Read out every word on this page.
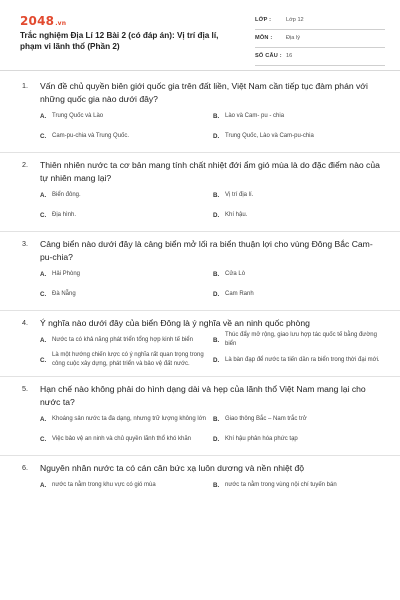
2048.vn
Trắc nghiệm Địa Lí 12 Bài 2 (có đáp án): Vị trí địa lí, phạm vi lãnh thổ (Phần 2)
LỚP :	Lớp 12
MÔN : Địa lý
SỐ CÂU : 16
1. Vấn đề chủ quyền biên giới quốc gia trên đất liền, Việt Nam cần tiếp tục đàm phán với những quốc gia nào dưới đây?
A. Trung Quốc và Lào	B. Lào và Cam- pu - chia
C. Cam-pu-chia và Trung Quốc.	D. Trung Quốc, Lào và Cam-pu-chia
2. Thiên nhiên nước ta cơ bản mang tính chất nhiệt đới ẩm gió mùa là do đặc điểm nào của tự nhiên mang lại?
A. Biển đông.	B. Vị trí địa lí.
C. Địa hình.	D. Khí hậu.
3. Cảng biển nào dưới đây là cảng biển mở lối ra biển thuận lợi cho vùng Đông Bắc Cam-pu-chia?
A. Hải Phòng	B. Cửa Lò
C. Đà Nẵng	D. Cam Ranh
4. Ý nghĩa nào dưới đây của biển Đông là ý nghĩa về an ninh quốc phòng
A. Nước ta có khả năng phát triển tổng hợp kinh tế biển	B.
Thúc đẩy mở rộng, giao lưu hợp tác quốc tế bằng đường biển
C.
Là một hướng chiến lược có ý nghĩa rất quan trọng trong công cuộc xây dựng, phát triển và bảo vệ đất nước.
D. Là bàn đạp để nước ta tiến dần ra biển trong thời đại mới.
5. Hạn chế nào không phải do hình dạng dài và hẹp của lãnh thổ Việt Nam mang lại cho nước ta?
A. Khoáng sản nước ta đa dạng, nhưng trữ lượng không lớn B. Giao thông Bắc – Nam trắc trở
C. Việc bảo vệ an ninh và chủ quyền lãnh thổ khó khăn	D. Khí hậu phân hóa phức tạp
6. Nguyên nhân nước ta có cán cân bức xạ luôn dương và nền nhiệt độ
A. nước ta nằm trong khu vực có gió mùa	B. nước ta nằm trong vùng nội chí tuyến bán
